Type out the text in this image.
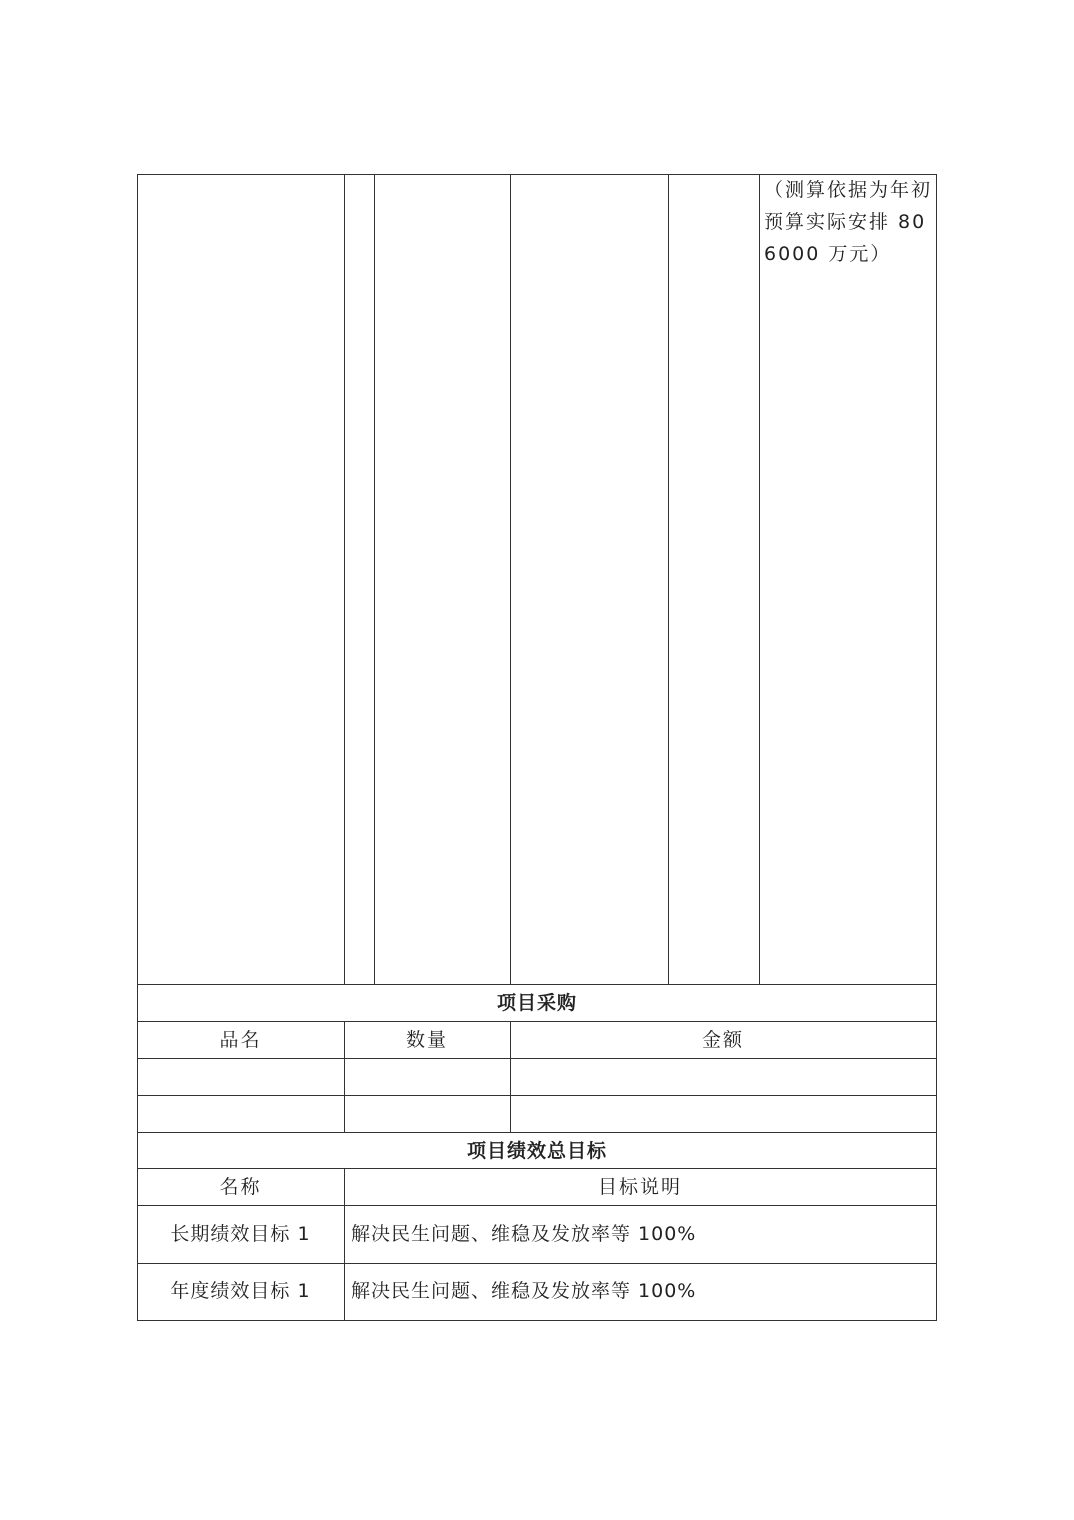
（测算依据为年初预算实际安排 806000 万元）
项目采购
品名	数量	金额
项目绩效总目标
名称	目标说明
长期绩效目标 1	解决民生问题、维稳及发放率等 100%
年度绩效目标 1	解决民生问题、维稳及发放率等 100%
